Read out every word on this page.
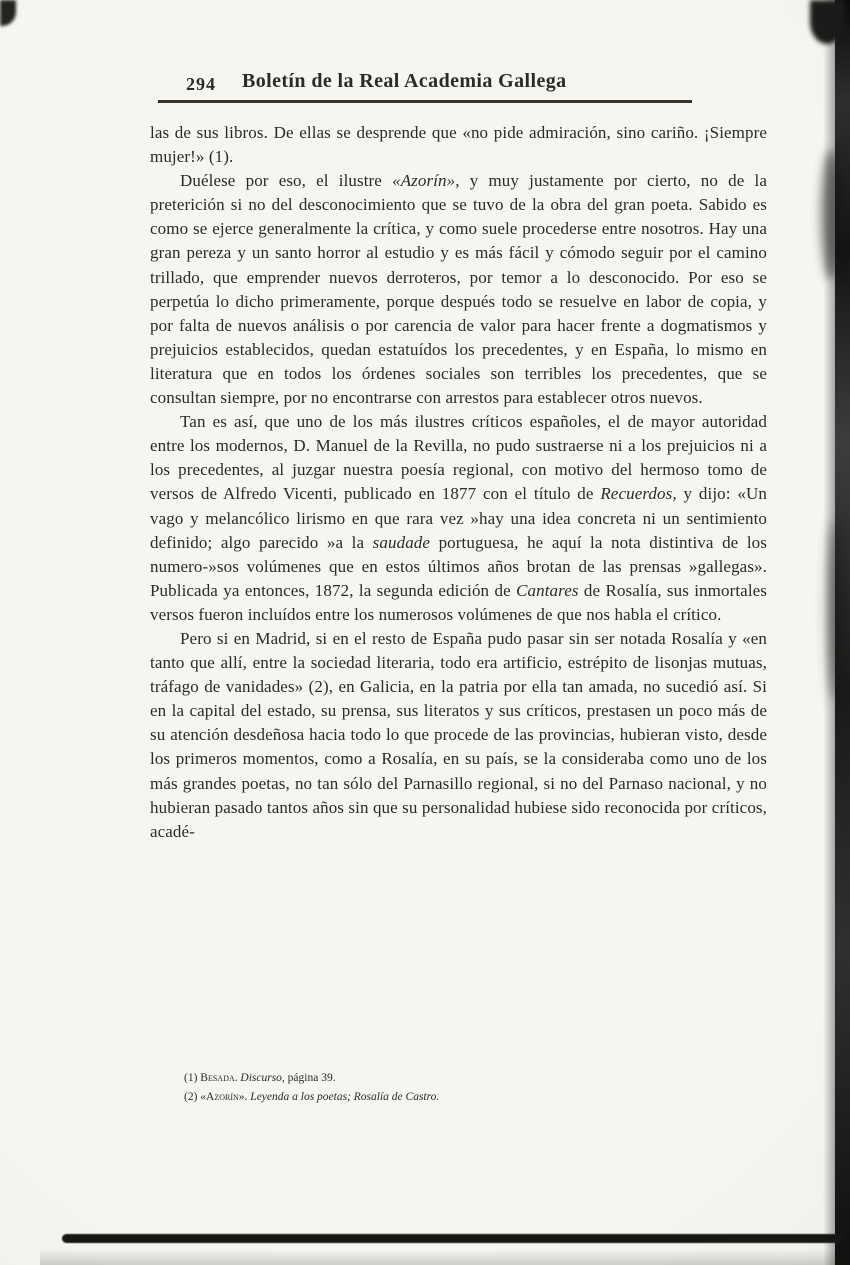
294 Boletín de la Real Academia Gallega

las de sus libros. De ellas se desprende que «no pide admiración, sino cariño. ¡Siempre mujer!» (1).

Duélese por eso, el ilustre «Azorín», y muy justamente por cierto, no de la preterición si no del desconocimiento que se tuvo de la obra del gran poeta. Sabido es como se ejerce generalmente la crítica, y como suele procederse entre nosotros. Hay una gran pereza y un santo horror al estudio y es más fácil y cómodo seguir por el camino trillado, que emprender nuevos derroteros, por temor a lo desconocido. Por eso se perpetúa lo dicho primeramente, porque después todo se resuelve en labor de copia, y por falta de nuevos análisis o por carencia de valor para hacer frente a dogmatismos y prejuicios establecidos, quedan estatuídos los precedentes, y en España, lo mismo en literatura que en todos los órdenes sociales son terribles los precedentes, que se consultan siempre, por no encontrarse con arrestos para establecer otros nuevos.

Tan es así, que uno de los más ilustres críticos españoles, el de mayor autoridad entre los modernos, D. Manuel de la Revilla, no pudo sustraerse ni a los prejuicios ni a los precedentes, al juzgar nuestra poesía regional, con motivo del hermoso tomo de versos de Alfredo Vicenti, publicado en 1877 con el título de Recuerdos, y dijo: «Un vago y melancólico lirismo en que rara vez »hay una idea concreta ni un sentimiento definido; algo parecido »a la saudade portuguesa, he aquí la nota distintiva de los numero-»sos volúmenes que en estos últimos años brotan de las prensas »gallegas». Publicada ya entonces, 1872, la segunda edición de Cantares de Rosalía, sus inmortales versos fueron incluídos entre los numerosos volúmenes de que nos habla el crítico.

Pero si en Madrid, si en el resto de España pudo pasar sin ser notada Rosalía y «en tanto que allí, entre la sociedad literaria, todo era artificio, estrépito de lisonjas mutuas, tráfago de vanidades» (2), en Galicia, en la patria por ella tan amada, no sucedió así. Si en la capital del estado, su prensa, sus literatos y sus críticos, prestasen un poco más de su atención desdeñosa hacia todo lo que procede de las provincias, hubieran visto, desde los primeros momentos, como a Rosalía, en su país, se la consideraba como uno de los más grandes poetas, no tan sólo del Parnasillo regional, si no del Parnaso nacional, y no hubieran pasado tantos años sin que su personalidad hubiese sido reconocida por críticos, acadé-

(1) Besada. Discurso, página 39.

(2) «Azorín». Leyenda a los poetas; Rosalía de Castro.
